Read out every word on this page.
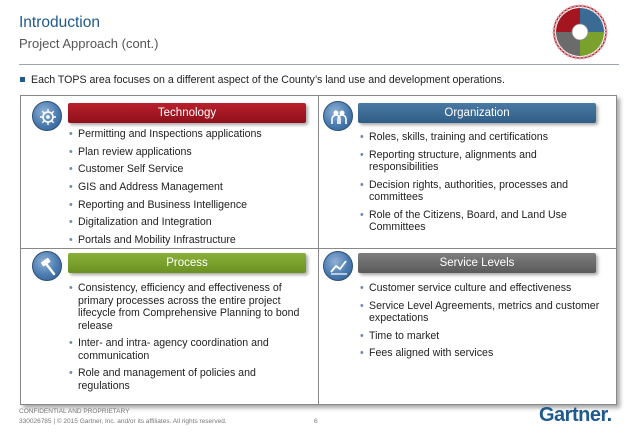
Introduction
Project Approach (cont.)
Each TOPS area focuses on a different aspect of the County’s land use and development operations.
Technology
• Permitting and Inspections applications
• Plan review applications
• Customer Self Service
• GIS and Address Management
• Reporting and Business Intelligence
• Digitalization and Integration
• Portals and Mobility Infrastructure
Organization
• Roles, skills, training and certifications
• Reporting structure, alignments and responsibilities
• Decision rights, authorities, processes and committees
• Role of the Citizens, Board, and Land Use Committees
Process
• Consistency, efficiency and effectiveness of primary processes across the entire project lifecycle from Comprehensive Planning to bond release
• Inter- and intra- agency coordination and communication
• Role and management of policies and regulations
Service Levels
• Customer service culture and effectiveness
• Service Level Agreements, metrics and customer expectations
• Time to market
• Fees aligned with services
CONFIDENTIAL AND PROPRIETARY
330026785 | © 2015 Gartner, Inc. and/or its affiliates. All rights reserved.	6	Gartner.
